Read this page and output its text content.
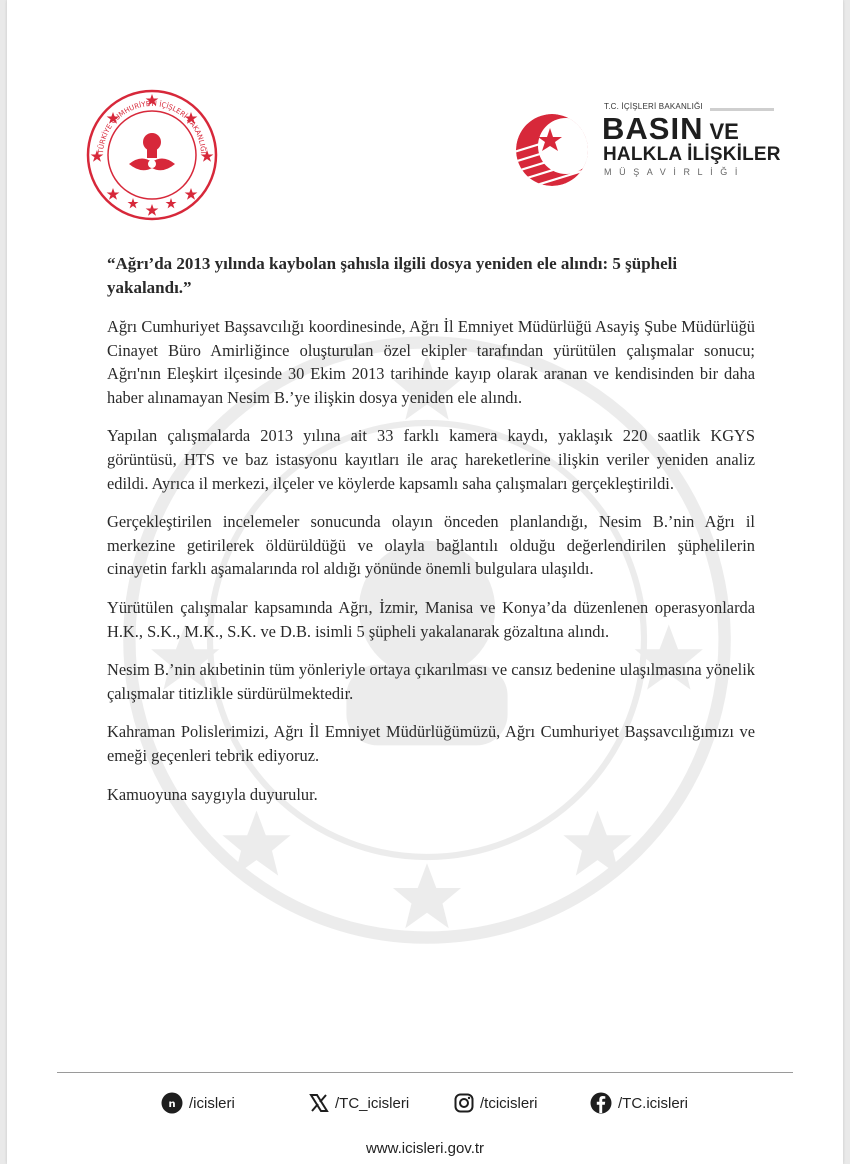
TÜRKİYE CUMHURİYETİ İÇİŞLERİ BAKANLIĞI
T.C. İÇİŞLERİ BAKANLIĞI
BASIN VE
HALKLA İLİŞKİLER
MÜŞAVİRLİĞİ

“Ağrı’da 2013 yılında kaybolan şahısla ilgili dosya yeniden ele alındı: 5 şüpheli yakalandı.”

Ağrı Cumhuriyet Başsavcılığı koordinesinde, Ağrı İl Emniyet Müdürlüğü Asayiş Şube Müdürlüğü Cinayet Büro Amirliğince oluşturulan özel ekipler tarafından yürütülen çalışmalar sonucu; Ağrı'nın Eleşkirt ilçesinde 30 Ekim 2013 tarihinde kayıp olarak aranan ve kendisinden bir daha haber alınamayan Nesim B.’ye ilişkin dosya yeniden ele alındı.

Yapılan çalışmalarda 2013 yılına ait 33 farklı kamera kaydı, yaklaşık 220 saatlik KGYS görüntüsü, HTS ve baz istasyonu kayıtları ile araç hareketlerine ilişkin veriler yeniden analiz edildi. Ayrıca il merkezi, ilçeler ve köylerde kapsamlı saha çalışmaları gerçekleştirildi.

Gerçekleştirilen incelemeler sonucunda olayın önceden planlandığı, Nesim B.’nin Ağrı il merkezine getirilerek öldürüldüğü ve olayla bağlantılı olduğu değerlendirilen şüphelilerin cinayetin farklı aşamalarında rol aldığı yönünde önemli bulgulara ulaşıldı.

Yürütülen çalışmalar kapsamında Ağrı, İzmir, Manisa ve Konya’da düzenlenen operasyonlarda H.K., S.K., M.K., S.K. ve D.B. isimli 5 şüpheli yakalanarak gözaltına alındı.

Nesim B.’nin akıbetinin tüm yönleriyle ortaya çıkarılması ve cansız bedenine ulaşılmasına yönelik çalışmalar titizlikle sürdürülmektedir.

Kahraman Polislerimizi, Ağrı İl Emniyet Müdürlüğümüzü, Ağrı Cumhuriyet Başsavcılığımızı ve emeği geçenleri tebrik ediyoruz.

Kamuoyuna saygıyla duyurulur.

n /icisleri	/TC_icisleri	/tcicisleri	/TC.icisleri
www.icisleri.gov.tr
